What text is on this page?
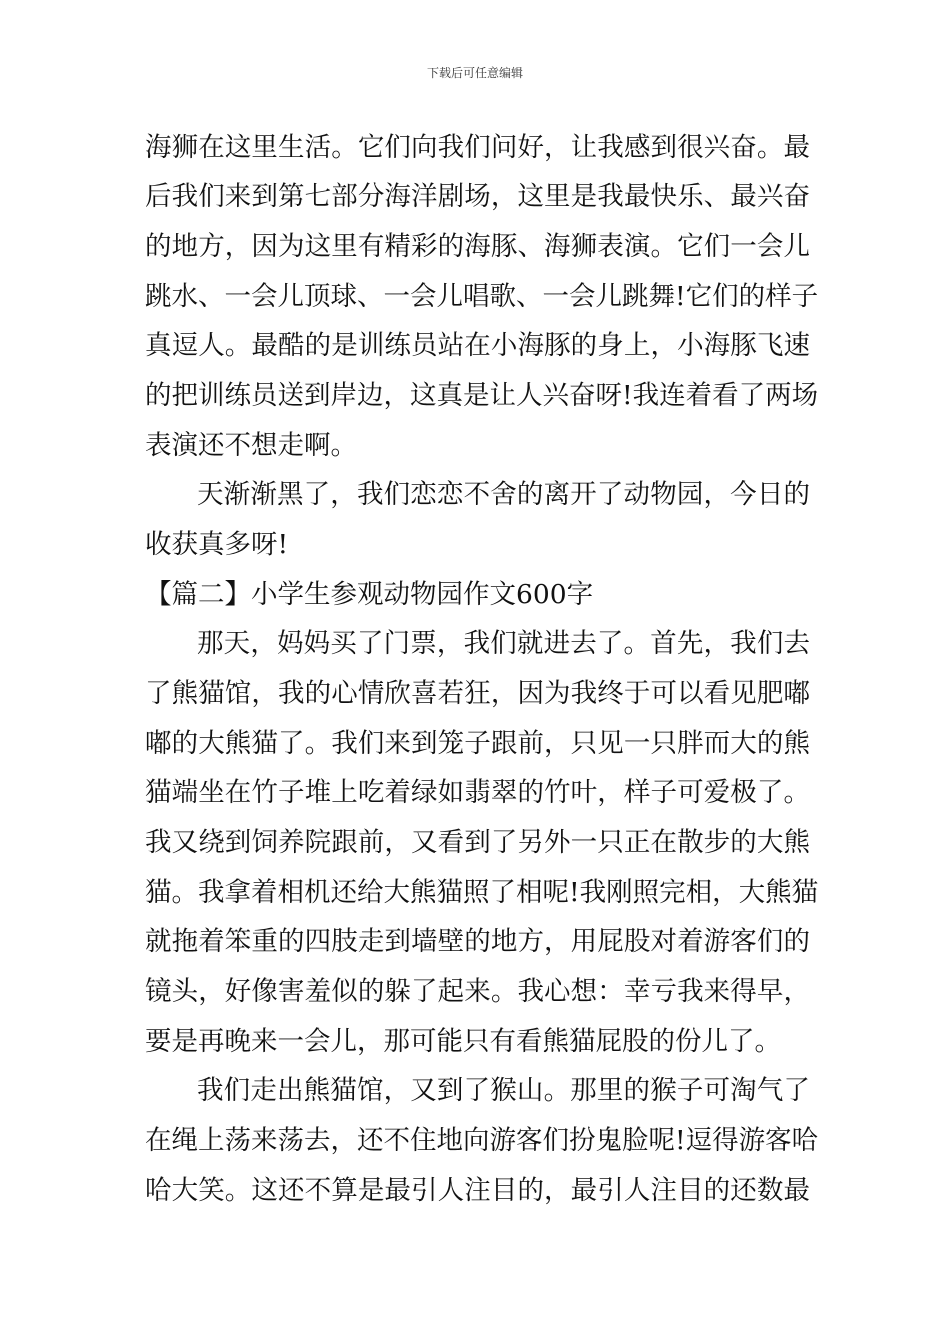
下载后可任意编辑
海狮在这里生活。它们向我们问好，让我感到很兴奋。最
后我们来到第七部分海洋剧场，这里是我最快乐、最兴奋
的地方，因为这里有精彩的海豚、海狮表演。它们一会儿
跳水、一会儿顶球、一会儿唱歌、一会儿跳舞!它们的样子
真逗人。最酷的是训练员站在小海豚的身上，小海豚飞速
的把训练员送到岸边，这真是让人兴奋呀!我连着看了两场
表演还不想走啊。
天渐渐黑了，我们恋恋不舍的离开了动物园，今日的
收获真多呀!
【篇二】小学生参观动物园作文600字
那天，妈妈买了门票，我们就进去了。首先，我们去
了熊猫馆，我的心情欣喜若狂，因为我终于可以看见肥嘟
嘟的大熊猫了。我们来到笼子跟前，只见一只胖而大的熊
猫端坐在竹子堆上吃着绿如翡翠的竹叶，样子可爱极了。
我又绕到饲养院跟前，又看到了另外一只正在散步的大熊
猫。我拿着相机还给大熊猫照了相呢!我刚照完相，大熊猫
就拖着笨重的四肢走到墙壁的地方，用屁股对着游客们的
镜头，好像害羞似的躲了起来。我心想：幸亏我来得早，
要是再晚来一会儿，那可能只有看熊猫屁股的份儿了。
我们走出熊猫馆，又到了猴山。那里的猴子可淘气了
在绳上荡来荡去，还不住地向游客们扮鬼脸呢!逗得游客哈
哈大笑。这还不算是最引人注目的，最引人注目的还数最
